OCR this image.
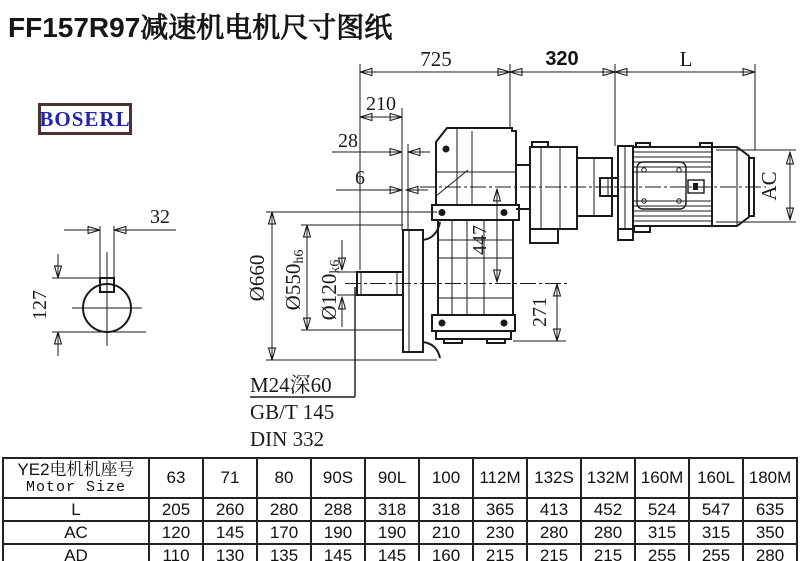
FF157R97减速机电机尺寸图纸
BOSERL
725	320	L
210
28
6
Ø660 Ø550h6
Ø120k6
M24深60
GB/T 145
DIN 332
447
271
AC
32
127
YE2电机机座号
Motor Size	63	71	80	90S	90L	100	112M	132S	132M	160M	160L	180M
L	205	260	280	288	318	318	365	413	452	524	547	635
AC	120	145	170	190	190	210	230	280	280	315	315	350
AD	110	130	135	145	145	160	215	215	215	255	255	280
